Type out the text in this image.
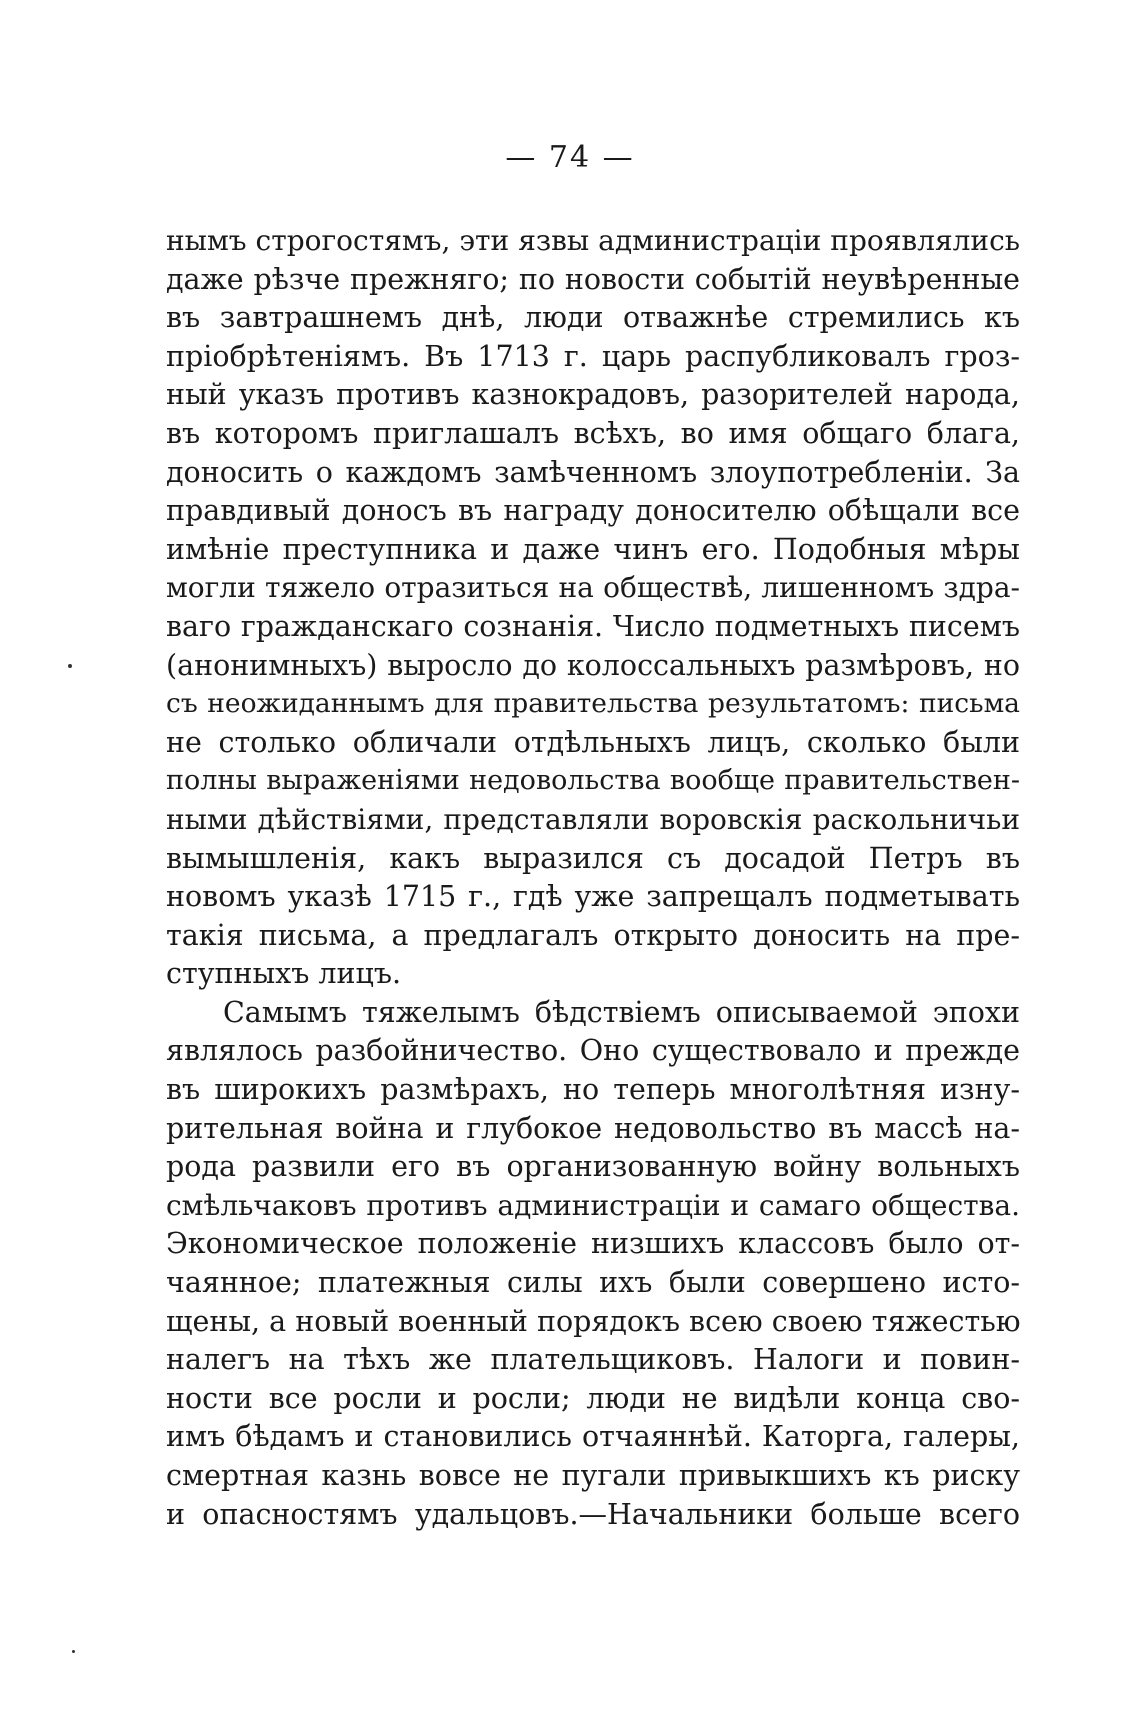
— 74 —
нымъ строгостямъ, эти язвы администраціи проявлялись
даже рѣзче прежняго; по новости событій неувѣренные
въ завтрашнемъ днѣ, люди отважнѣе стремились къ
пріобрѣтеніямъ. Въ 1713 г. царь распубликовалъ гроз-
ный указъ противъ казнокрадовъ, разорителей народа,
въ которомъ приглашалъ всѣхъ, во имя общаго блага,
доносить о каждомъ замѣченномъ злоупотребленіи. За
правдивый доносъ въ награду доносителю обѣщали все
имѣніе преступника и даже чинъ его. Подобныя мѣры
могли тяжело отразиться на обществѣ, лишенномъ здра-
ваго гражданскаго сознанія. Число подметныхъ писемъ
(анонимныхъ) выросло до колоссальныхъ размѣровъ, но
съ неожиданнымъ для правительства результатомъ: письма
не столько обличали отдѣльныхъ лицъ, сколько были
полны выраженіями недовольства вообще правительствен-
ными дѣйствіями, представляли воровскія раскольничьи
вымышленія, какъ выразился съ досадой Петръ въ
новомъ указѣ 1715 г., гдѣ уже запрещалъ подметывать
такія письма, а предлагалъ открыто доносить на пре-
ступныхъ лицъ.
Самымъ тяжелымъ бѣдствіемъ описываемой эпохи
являлось разбойничество. Оно существовало и прежде
въ широкихъ размѣрахъ, но теперь многолѣтняя изну-
рительная война и глубокое недовольство въ массѣ на-
рода развили его въ организованную войну вольныхъ
смѣльчаковъ противъ администраціи и самаго общества.
Экономическое положеніе низшихъ классовъ было от-
чаянное; платежныя силы ихъ были совершено исто-
щены, а новый военный порядокъ всею своею тяжестью
налегъ на тѣхъ же плательщиковъ. Налоги и повин-
ности все росли и росли; люди не видѣли конца сво-
имъ бѣдамъ и становились отчаяннѣй. Каторга, галеры,
смертная казнь вовсе не пугали привыкшихъ къ риску
и опасностямъ удальцовъ.—Начальники больше всего
